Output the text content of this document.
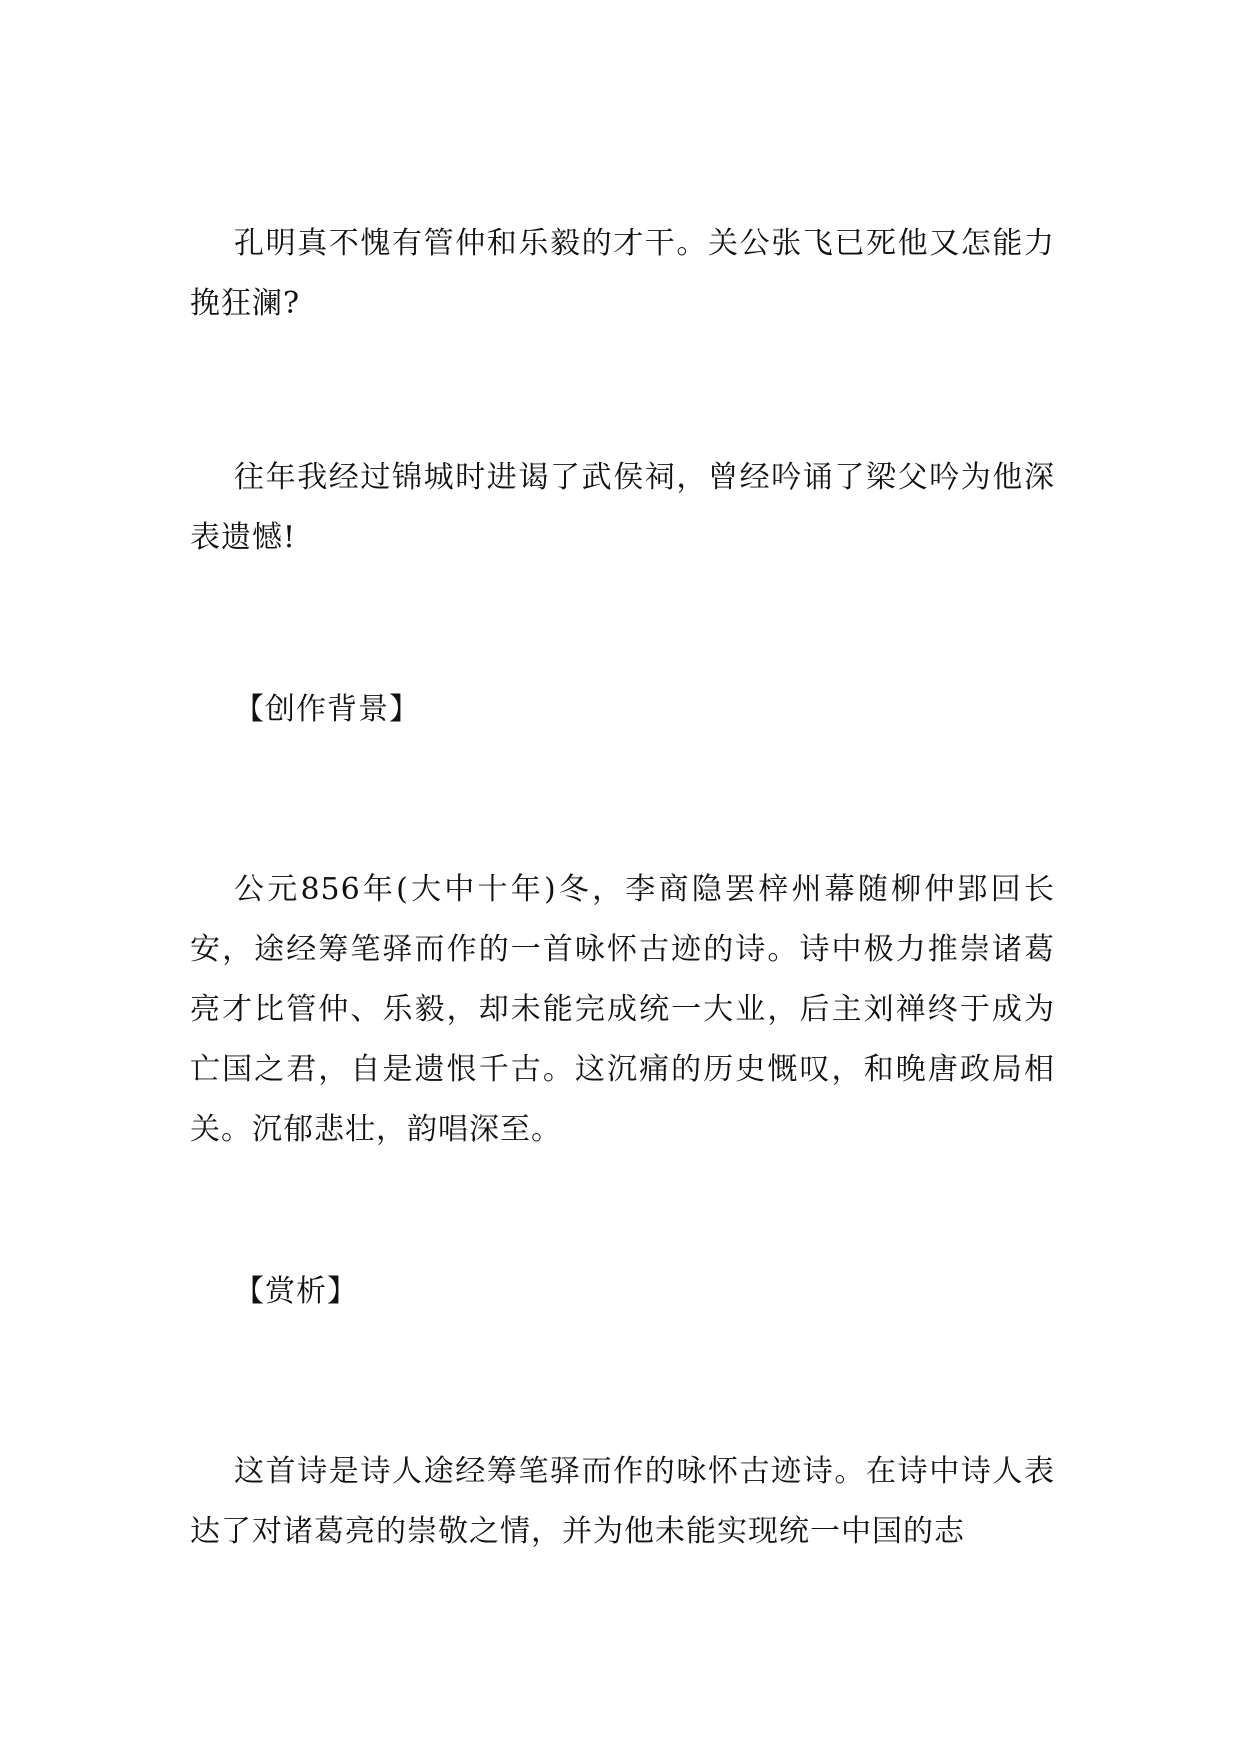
孔明真不愧有管仲和乐毅的才干。关公张飞已死他又怎能力挽狂澜?

往年我经过锦城时进谒了武侯祠，曾经吟诵了梁父吟为他深表遗憾!

【创作背景】

公元856年(大中十年)冬，李商隐罢梓州幕随柳仲郢回长安，途经筹笔驿而作的一首咏怀古迹的诗。诗中极力推崇诸葛亮才比管仲、乐毅，却未能完成统一大业，后主刘禅终于成为亡国之君，自是遗恨千古。这沉痛的历史慨叹，和晚唐政局相关。沉郁悲壮，韵唱深至。

【赏析】

这首诗是诗人途经筹笔驿而作的咏怀古迹诗。在诗中诗人表达了对诸葛亮的崇敬之情，并为他未能实现统一中国的志
